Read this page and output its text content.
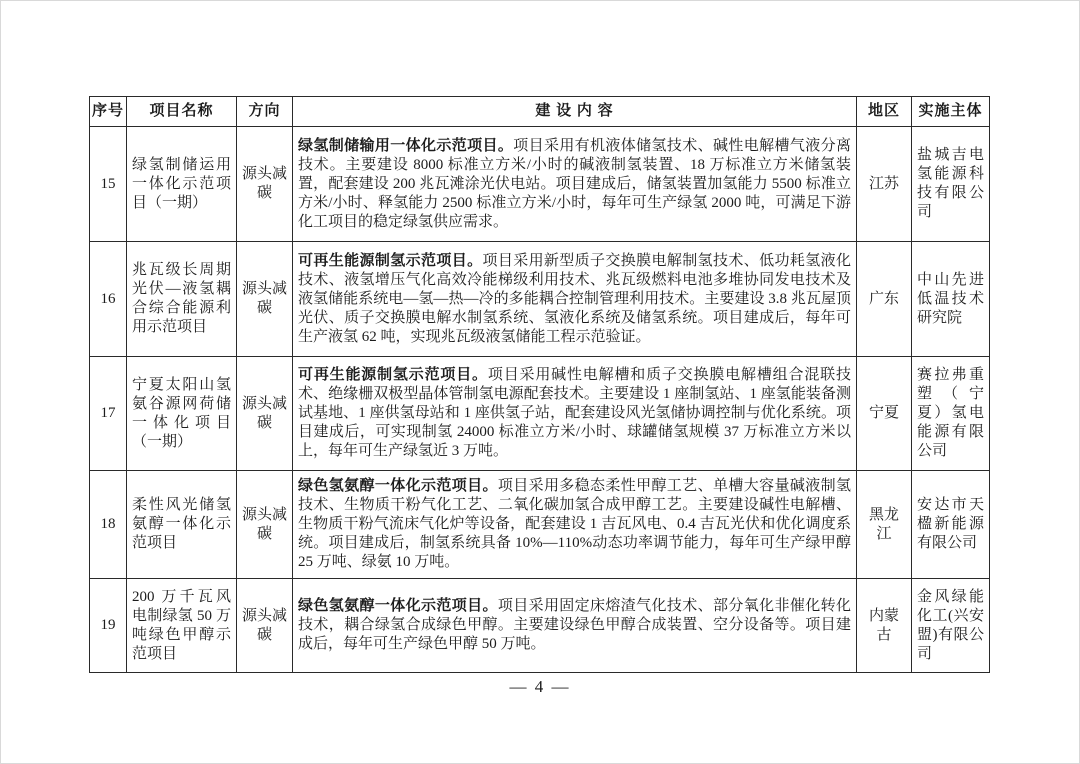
序号	项目名称	方向	建 设 内 容	地区	实施主体
15	绿氢制储运用一体化示范项目（一期）	源头减碳	绿氢制储输用一体化示范项目。项目采用有机液体储氢技术、碱性电解槽气液分离技术。主要建设 8000 标准立方米/小时的碱液制氢装置、18 万标准立方米储氢装置，配套建设 200 兆瓦滩涂光伏电站。项目建成后，储氢装置加氢能力 5500 标准立方米/小时、释氢能力 2500 标准立方米/小时，每年可生产绿氢 2000 吨，可满足下游化工项目的稳定绿氢供应需求。	江苏	盐城吉电氢能源科技有限公司
16	兆瓦级长周期光伏—液氢耦合综合能源利用示范项目	源头减碳	可再生能源制氢示范项目。项目采用新型质子交换膜电解制氢技术、低功耗氢液化技术、液氢增压气化高效冷能梯级利用技术、兆瓦级燃料电池多堆协同发电技术及液氢储能系统电—氢—热—冷的多能耦合控制管理利用技术。主要建设 3.8 兆瓦屋顶光伏、质子交换膜电解水制氢系统、氢液化系统及储氢系统。项目建成后，每年可生产液氢 62 吨，实现兆瓦级液氢储能工程示范验证。	广东	中山先进低温技术研究院
17	宁夏太阳山氢氨谷源网荷储一体化项目（一期）	源头减碳	可再生能源制氢示范项目。项目采用碱性电解槽和质子交换膜电解槽组合混联技术、绝缘栅双极型晶体管制氢电源配套技术。主要建设 1 座制氢站、1 座氢能装备测试基地、1 座供氢母站和 1 座供氢子站，配套建设风光氢储协调控制与优化系统。项目建成后，可实现制氢 24000 标准立方米/小时、球罐储氢规模 37 万标准立方米以上，每年可生产绿氢近 3 万吨。	宁夏	赛拉弗重塑（宁夏）氢电能源有限公司
18	柔性风光储氢氨醇一体化示范项目	源头减碳	绿色氢氨醇一体化示范项目。项目采用多稳态柔性甲醇工艺、单槽大容量碱液制氢技术、生物质干粉气化工艺、二氧化碳加氢合成甲醇工艺。主要建设碱性电解槽、生物质干粉气流床气化炉等设备，配套建设 1 吉瓦风电、0.4 吉瓦光伏和优化调度系统。项目建成后，制氢系统具备 10%—110%动态功率调节能力，每年可生产绿甲醇 25 万吨、绿氨 10 万吨。	黑龙江	安达市天楹新能源有限公司
19	200 万千瓦风电制绿氢 50 万吨绿色甲醇示范项目	源头减碳	绿色氢氨醇一体化示范项目。项目采用固定床熔渣气化技术、部分氧化非催化转化技术，耦合绿氢合成绿色甲醇。主要建设绿色甲醇合成装置、空分设备等。项目建成后，每年可生产绿色甲醇 50 万吨。	内蒙古	金风绿能化工(兴安盟)有限公司
— 4 —
